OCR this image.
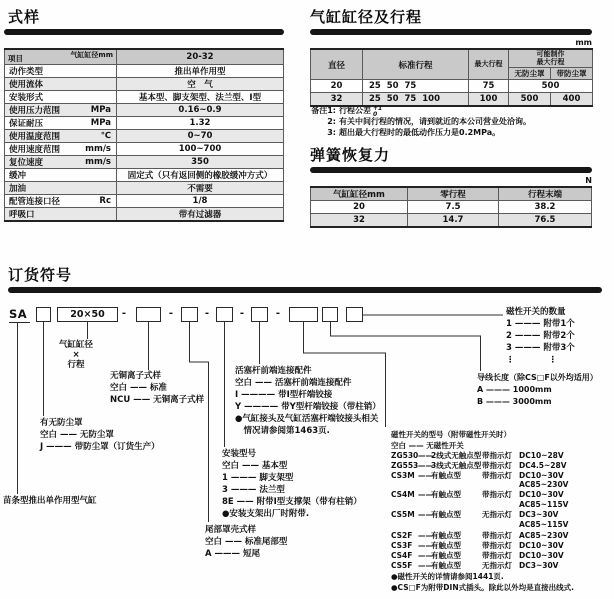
式样
气缸缸径mm
项目	20-32

动作类型	推出单作用型

使用流体	空　气

安装形式	基本型、脚支架型、法兰型、I型

使用压力范围 MPa	0.16~0.9

保证耐压 MPa	1.32

使用温度范围 ℃	0~70

使用速度范围 mm/s	100~700

复位速度 mm/s	350

缓冲	固定式（只有返回侧的橡胶缓冲方式）

加油	不需要

配管连接口径 Rc	1/8

呼吸口	带有过滤器
气缸缸径及行程
mm
直径	标准行程	最大行程	可能制作
最大行程	

			无防尘罩	带防尘罩
20	25  50  75	75	500	
32	25  50  75  100	100	500	400
备注1: 行程公差 +1
0
2: 有关中间行程的情况，请到就近的本公司营业处洽询。
3: 超出最大行程时的最低动作压力是0.2MPa。
弹簧恢复力
N
气缸缸径mm	零行程	行程末端
20	7.5	38.2
32	14.7	76.5
订货符号
SA	20×50	-	-	-	-	-
气缸缸径
×
行程
无铜离子式样
空白 —— 标准
NCU —— 无铜离子式样
活塞杆前端连接配件
空白 —— 活塞杆前端连接配件
I ———— 带I型杆端铰接
Y ———— 带Y型杆端铰接（带柱销）
●气缸接头及气缸活塞杆端铰接头相关
　情况请参阅第1463页.
有无防尘罩
空白 —— 无防尘罩
J ——— 带防尘罩（订货生产）
安装型号
空白 —— 基本型
1 ——— 脚支架型
3 ——— 法兰型
8E —— 附带I型支撑架（带有柱销）
●安装支架出厂时附带.
苗条型推出单作用型气缸
尾部罩壳式样
空白 —— 标准尾部型
A ——— 短尾
磁性开关的数量
1 ——— 附带1个
2 ——— 附带2个
3 ——— 附带3个
⋮　　　　⋮
导线长度（除CS□F以外均适用）
A ——— 1000mm
B ——— 3000mm
磁性开关的型号（附带磁性开关时）
空白 —— 无磁性开关
ZG530 ——
2线式无触点型 带指示灯 DC10~28V
ZG553 ——
3线式无触点型 带指示灯 DC4.5~28V
CS3M ——
有触点型	带指示灯 DC10~30V
AC85~230V
CS4M ——
有触点型	带指示灯 DC10~30V
AC85~115V
CS5M ——
有触点型	无指示灯 DC3~30V
AC85~115V
CS2F ——
有触点型	带指示灯 AC85~230V
CS3F ——
有触点型	带指示灯 DC10~30V
CS4F ——
有触点型	带指示灯 DC10~30V
CS5F ——
有触点型	无指示灯 DC3~30V
●磁性开关的详情请参阅1441页.
●CS□F为附带DIN式插头。除此以外均是直接出线式.
